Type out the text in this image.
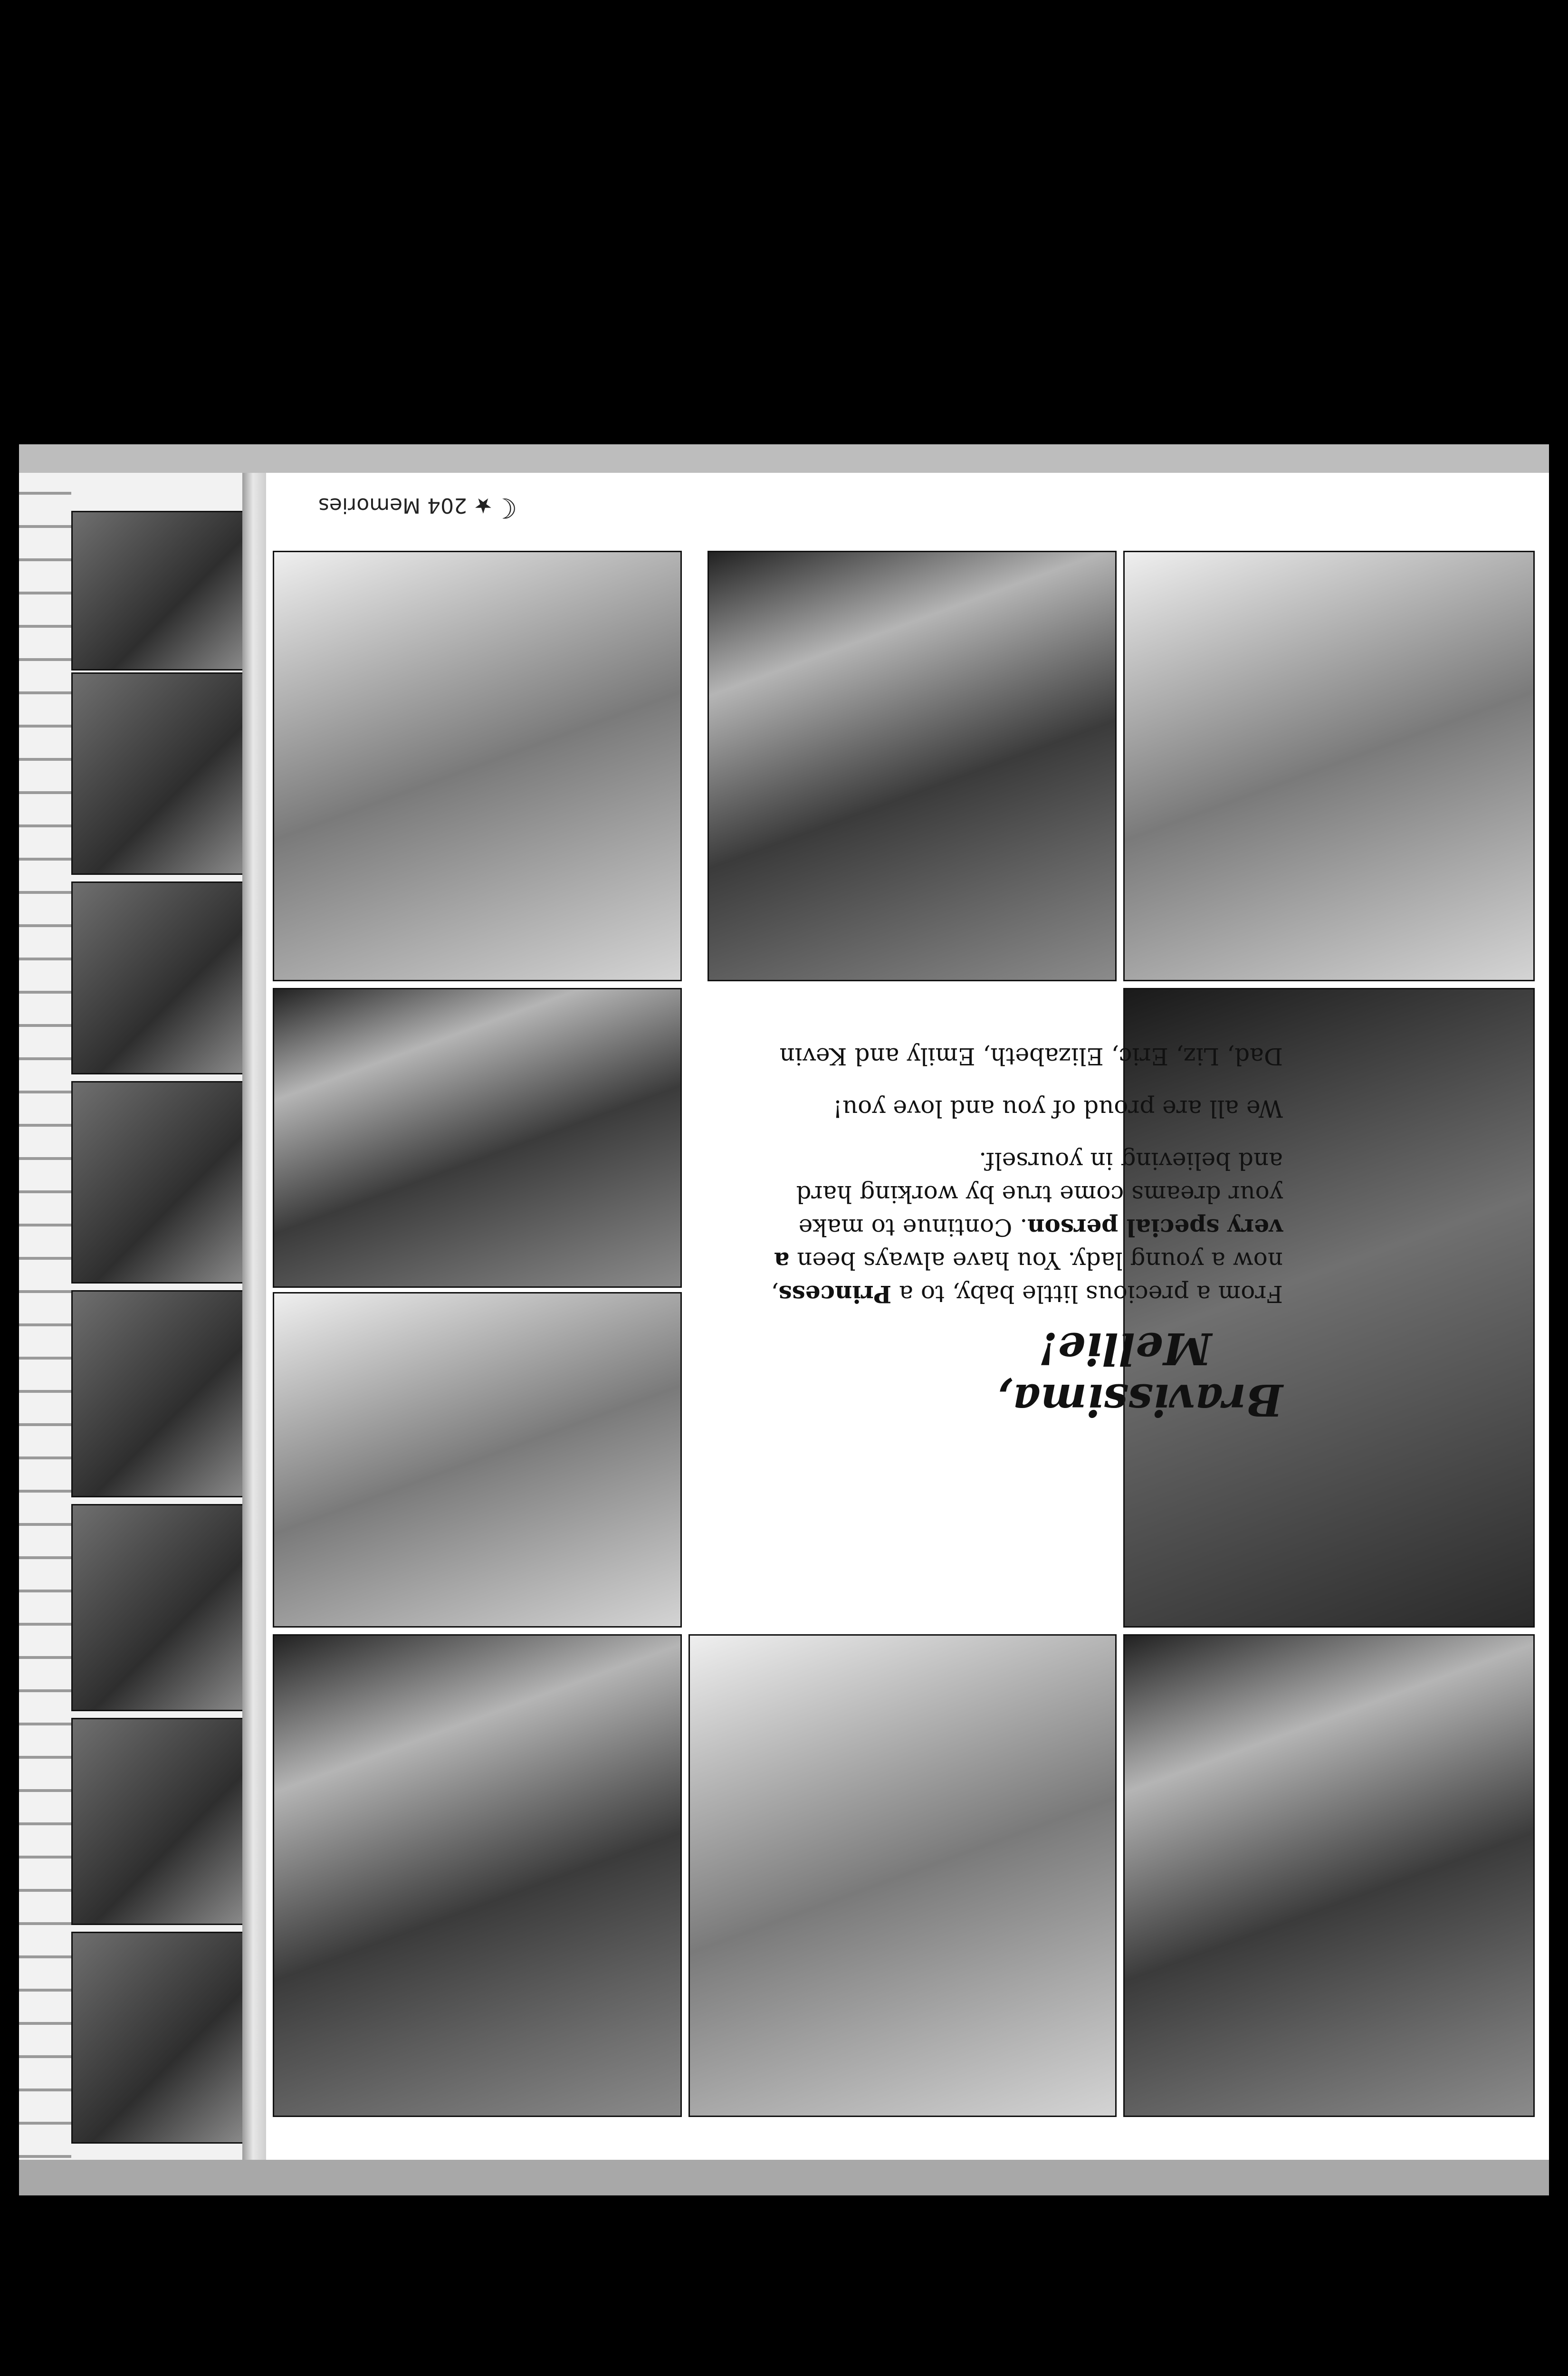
Bravissima,
Mellie!

From a precious little baby, to a Princess, now a young lady. You have always been a very special person. Continue to make your dreams come true by working hard and believing in yourself.

We all are proud of you and love you!

Dad, Liz, Eric, Elizabeth, Emily and Kevin

☾★ 204 Memories
